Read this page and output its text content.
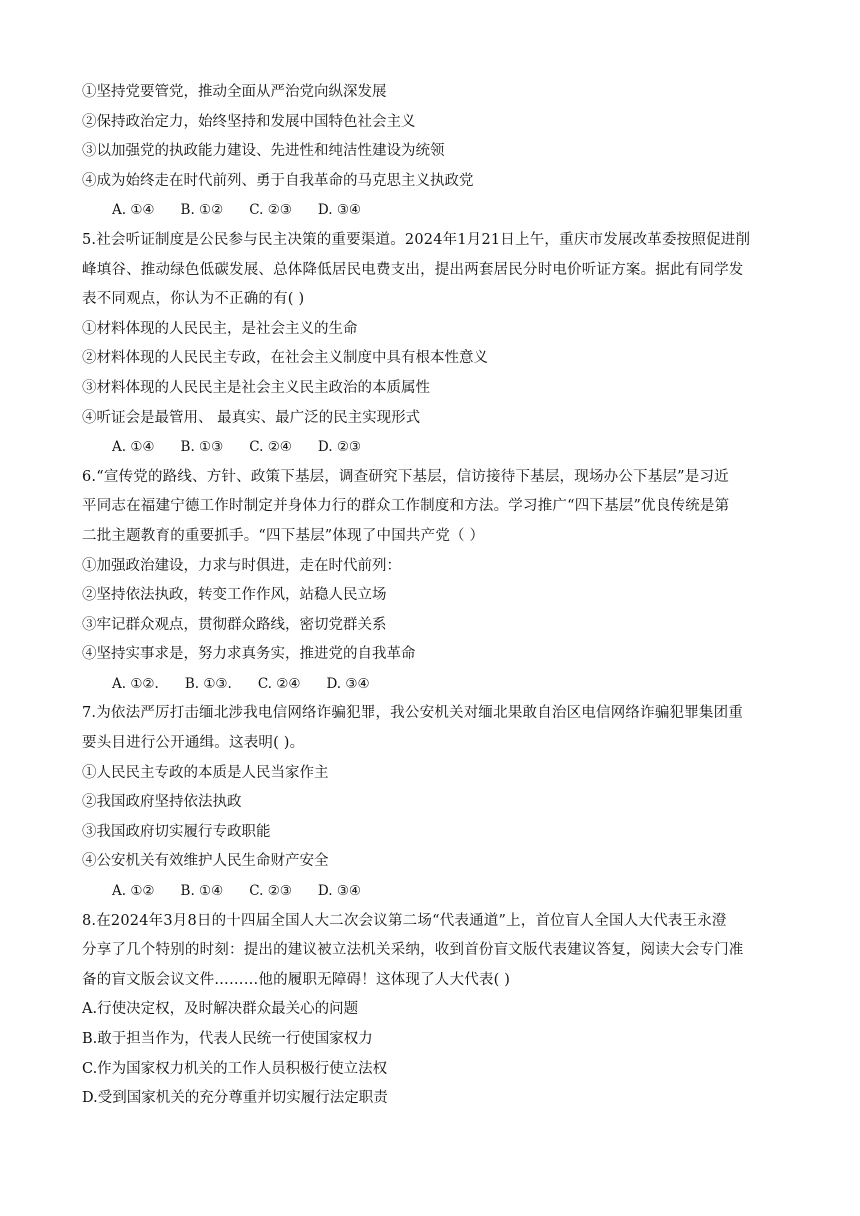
①坚持党要管党，推动全面从严治党向纵深发展
②保持政治定力，始终坚持和发展中国特色社会主义
③以加强党的执政能力建设、先进性和纯洁性建设为统领
④成为始终走在时代前列、勇于自我革命的马克思主义执政党
A. ①④ B. ①② C. ②③ D. ③④
5.社会听证制度是公民参与民主决策的重要渠道。2024年1月21日上午，重庆市发展改革委按照促进削
峰填谷、推动绿色低碳发展、总体降低居民电费支出，提出两套居民分时电价听证方案。据此有同学发
表不同观点，你认为不正确的有( )
①材料体现的人民民主，是社会主义的生命
②材料体现的人民民主专政，在社会主义制度中具有根本性意义
③材料体现的人民民主是社会主义民主政治的本质属性
④听证会是最管用、 最真实、最广泛的民主实现形式
A. ①④ B. ①③ C. ②④ D. ②③
6.“宣传党的路线、方针、政策下基层，调查研究下基层，信访接待下基层，现场办公下基层”是习近
平同志在福建宁德工作时制定并身体力行的群众工作制度和方法。学习推广“四下基层”优良传统是第
二批主题教育的重要抓手。“四下基层”体现了中国共产党（ ）
①加强政治建设，力求与时俱进，走在时代前列：
②坚持依法执政，转变工作作风，站稳人民立场
③牢记群众观点，贯彻群众路线，密切党群关系
④坚持实事求是，努力求真务实，推进党的自我革命
A. ①②. B. ①③. C. ②④ D. ③④
7.为依法严厉打击缅北涉我电信网络诈骗犯罪，我公安机关对缅北果敢自治区电信网络诈骗犯罪集团重
要头目进行公开通缉。这表明( )。
①人民民主专政的本质是人民当家作主
②我国政府坚持依法执政
③我国政府切实履行专政职能
④公安机关有效维护人民生命财产安全
A. ①② B. ①④ C. ②③ D. ③④
8.在2024年3月8日的十四届全国人大二次会议第二场“代表通道”上，首位盲人全国人大代表王永澄
分享了几个特别的时刻：提出的建议被立法机关采纳，收到首份盲文版代表建议答复，阅读大会专门准
备的盲文版会议文件………他的履职无障碍！这体现了人大代表( )
A.行使决定权，及时解决群众最关心的问题
B.敢于担当作为，代表人民统一行使国家权力
C.作为国家权力机关的工作人员积极行使立法权
D.受到国家机关的充分尊重并切实履行法定职责
